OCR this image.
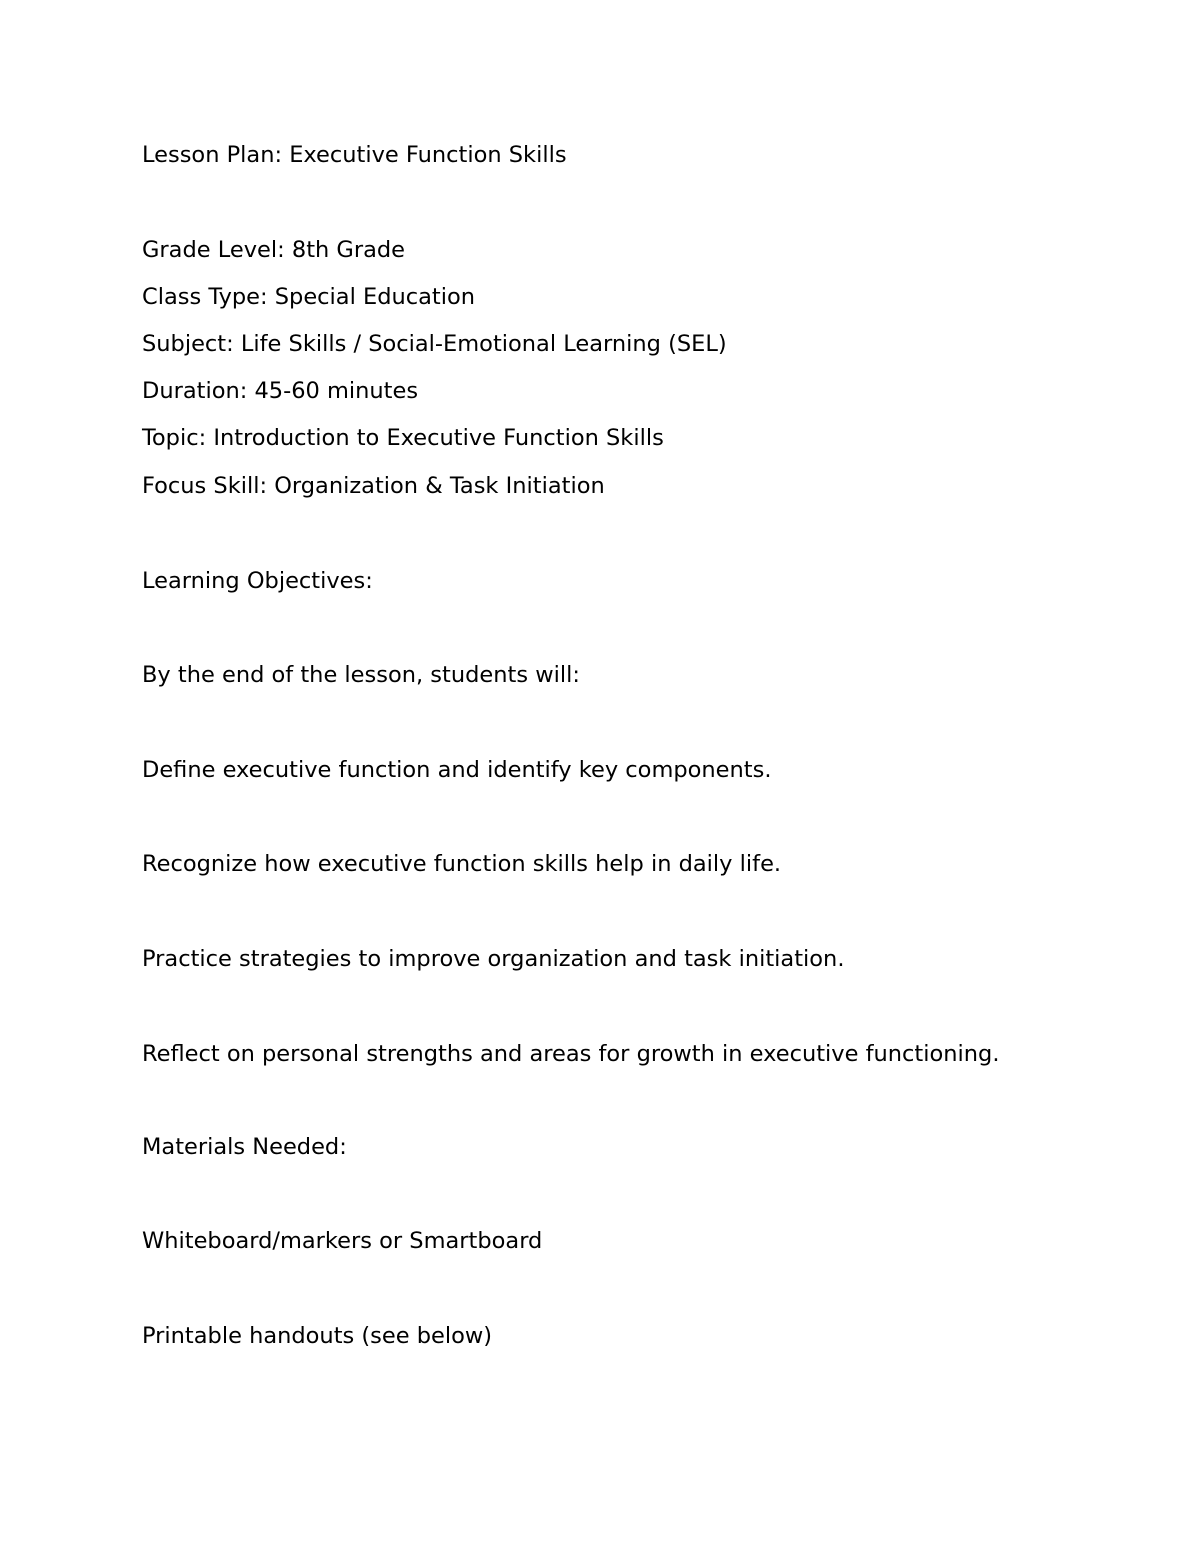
Lesson Plan: Executive Function Skills

Grade Level: 8th Grade

Class Type: Special Education

Subject: Life Skills / Social-Emotional Learning (SEL)

Duration: 45-60 minutes

Topic: Introduction to Executive Function Skills

Focus Skill: Organization & Task Initiation

Learning Objectives:

By the end of the lesson, students will:

Define executive function and identify key components.

Recognize how executive function skills help in daily life.

Practice strategies to improve organization and task initiation.

Reflect on personal strengths and areas for growth in executive functioning.

Materials Needed:

Whiteboard/markers or Smartboard

Printable handouts (see below)
